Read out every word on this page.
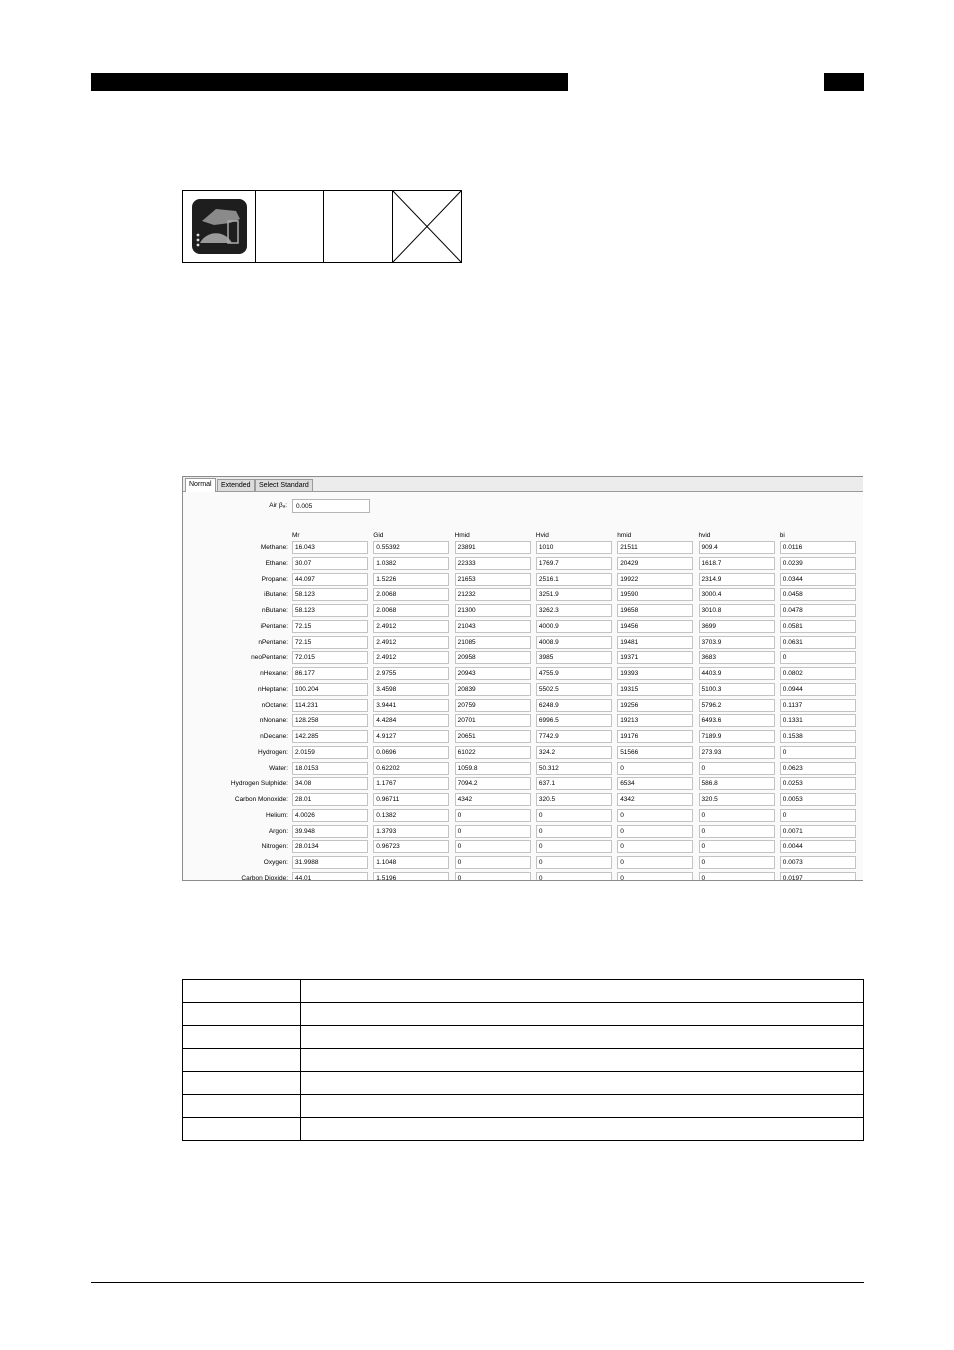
Normal	Extended	Select Standard
Air βₐ:	0.005
Mr	Gid	Hmid	Hvid	hmid	hvid	bi
Methane:	16.043	0.55392	23891	1010	21511	909.4	0.0116
Ethane:	30.07	1.0382	22333	1769.7	20429	1618.7	0.0239
Propane:	44.097	1.5226	21653	2516.1	19922	2314.9	0.0344
iButane:	58.123	2.0068	21232	3251.9	19590	3000.4	0.0458
nButane:	58.123	2.0068	21300	3262.3	19658	3010.8	0.0478
iPentane:	72.15	2.4912	21043	4000.9	19456	3699	0.0581
nPentane:	72.15	2.4912	21085	4008.9	19481	3703.9	0.0631
neoPentane:	72.015	2.4912	20958	3985	19371	3683	0
nHexane:	86.177	2.9755	20943	4755.9	19393	4403.9	0.0802
nHeptane:	100.204	3.4598	20839	5502.5	19315	5100.3	0.0944
nOctane:	114.231	3.9441	20759	6248.9	19256	5796.2	0.1137
nNonane:	128.258	4.4284	20701	6996.5	19213	6493.6	0.1331
nDecane:	142.285	4.9127	20651	7742.9	19176	7189.9	0.1538
Hydrogen:	2.0159	0.0696	61022	324.2	51566	273.93	0
Water:	18.0153	0.62202	1059.8	50.312	0	0	0.0623
Hydrogen Sulphide:	34.08	1.1767	7094.2	637.1	6534	586.8	0.0253
Carbon Monoxide:	28.01	0.96711	4342	320.5	4342	320.5	0.0053
Helium:	4.0026	0.1382	0	0	0	0	0
Argon:	39.948	1.3793	0	0	0	0	0.0071
Nitrogen:	28.0134	0.96723	0	0	0	0	0.0044
Oxygen:	31.9988	1.1048	0	0	0	0	0.0073
Carbon Dioxide:	44.01	1.5196	0	0	0	0	0.0197
